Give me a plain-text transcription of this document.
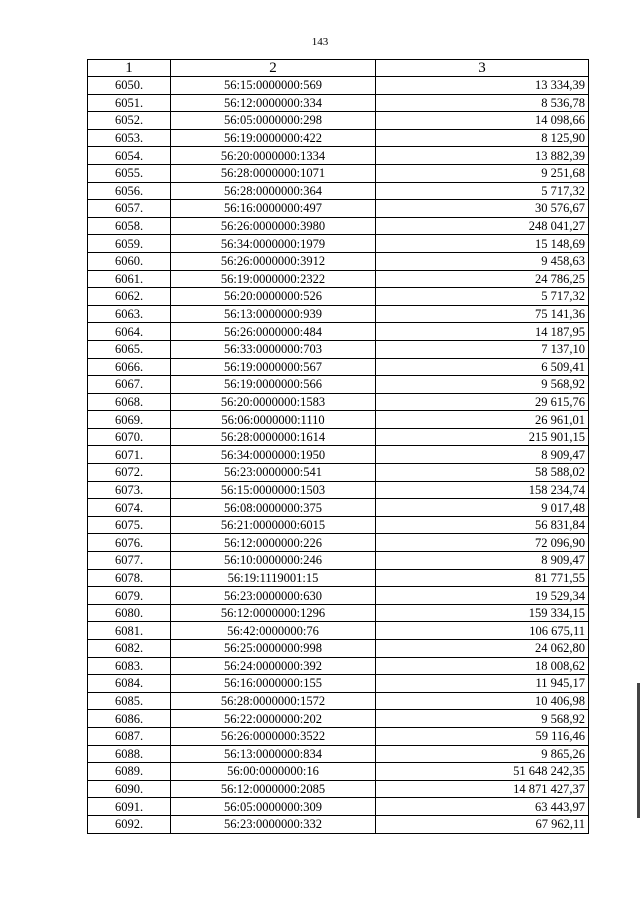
143
1	2	3
6050.	56:15:0000000:569	13 334,39
6051.	56:12:0000000:334	8 536,78
6052.	56:05:0000000:298	14 098,66
6053.	56:19:0000000:422	8 125,90
6054.	56:20:0000000:1334	13 882,39
6055.	56:28:0000000:1071	9 251,68
6056.	56:28:0000000:364	5 717,32
6057.	56:16:0000000:497	30 576,67
6058.	56:26:0000000:3980	248 041,27
6059.	56:34:0000000:1979	15 148,69
6060.	56:26:0000000:3912	9 458,63
6061.	56:19:0000000:2322	24 786,25
6062.	56:20:0000000:526	5 717,32
6063.	56:13:0000000:939	75 141,36
6064.	56:26:0000000:484	14 187,95
6065.	56:33:0000000:703	7 137,10
6066.	56:19:0000000:567	6 509,41
6067.	56:19:0000000:566	9 568,92
6068.	56:20:0000000:1583	29 615,76
6069.	56:06:0000000:1110	26 961,01
6070.	56:28:0000000:1614	215 901,15
6071.	56:34:0000000:1950	8 909,47
6072.	56:23:0000000:541	58 588,02
6073.	56:15:0000000:1503	158 234,74
6074.	56:08:0000000:375	9 017,48
6075.	56:21:0000000:6015	56 831,84
6076.	56:12:0000000:226	72 096,90
6077.	56:10:0000000:246	8 909,47
6078.	56:19:1119001:15	81 771,55
6079.	56:23:0000000:630	19 529,34
6080.	56:12:0000000:1296	159 334,15
6081.	56:42:0000000:76	106 675,11
6082.	56:25:0000000:998	24 062,80
6083.	56:24:0000000:392	18 008,62
6084.	56:16:0000000:155	11 945,17
6085.	56:28:0000000:1572	10 406,98
6086.	56:22:0000000:202	9 568,92
6087.	56:26:0000000:3522	59 116,46
6088.	56:13:0000000:834	9 865,26
6089.	56:00:0000000:16	51 648 242,35
6090.	56:12:0000000:2085	14 871 427,37
6091.	56:05:0000000:309	63 443,97
6092.	56:23:0000000:332	67 962,11
